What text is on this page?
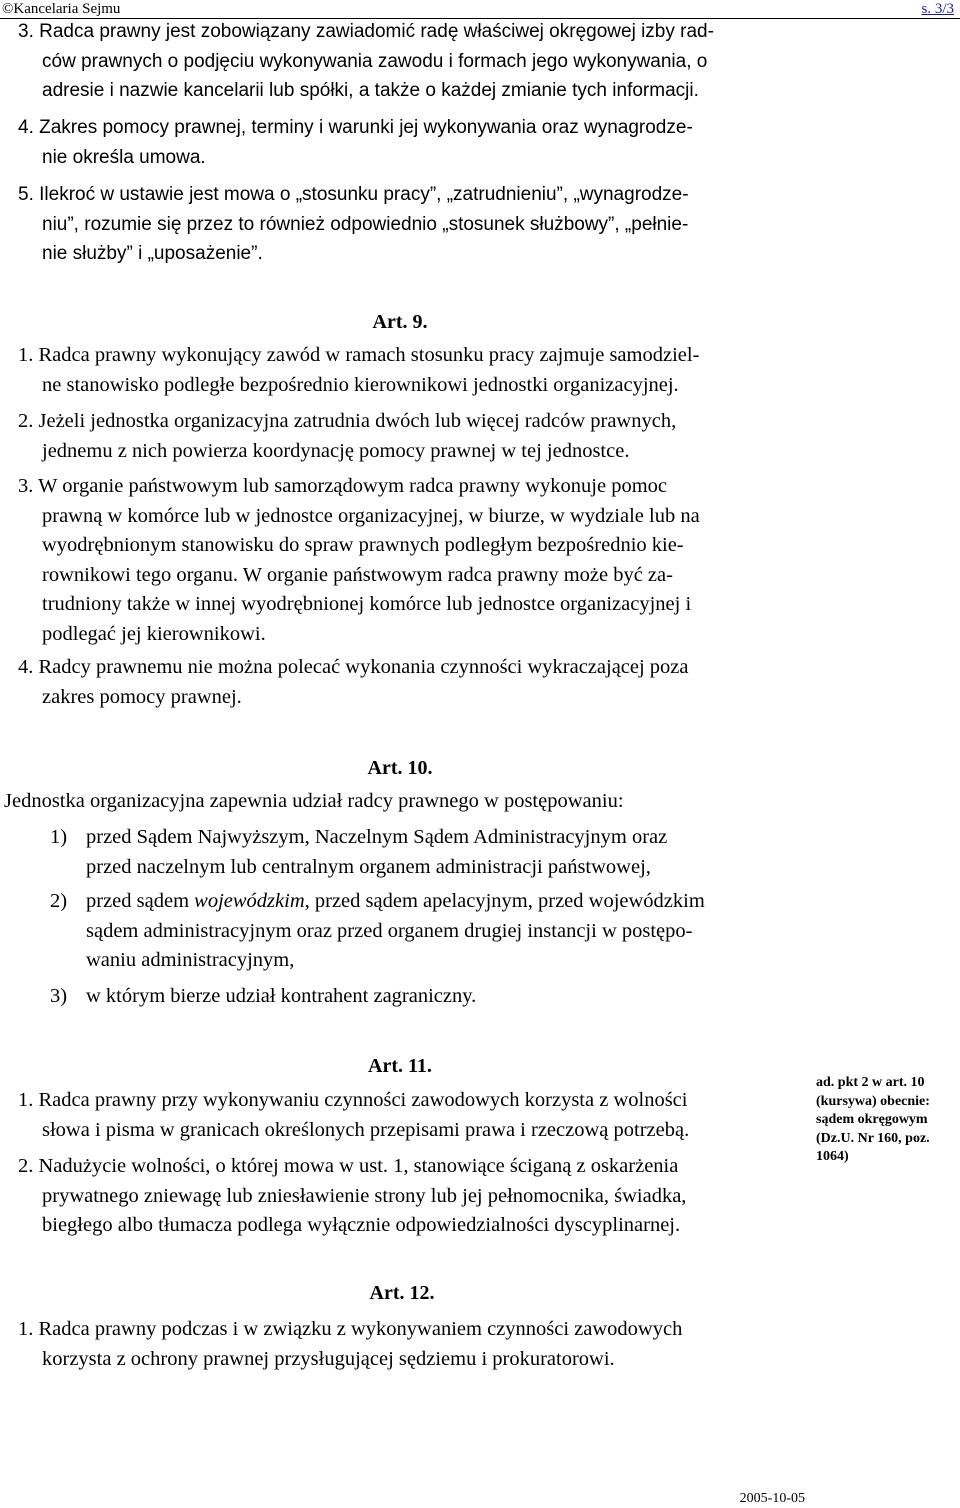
©Kancelaria Sejmu	s. 3/3
3. Radca prawny jest zobowiązany zawiadomić radę właściwej okręgowej izby rad-
ców prawnych o podjęciu wykonywania zawodu i formach jego wykonywania, o
adresie i nazwie kancelarii lub spółki, a także o każdej zmianie tych informacji.
4. Zakres pomocy prawnej, terminy i warunki jej wykonywania oraz wynagrodze-
nie określa umowa.
5. Ilekroć w ustawie jest mowa o „stosunku pracy”, „zatrudnieniu”, „wynagrodze-
niu”, rozumie się przez to również odpowiednio „stosunek służbowy”, „pełnie-
nie służby” i „uposażenie”.
Art. 9.
1. Radca prawny wykonujący zawód w ramach stosunku pracy zajmuje samodziel-
ne stanowisko podległe bezpośrednio kierownikowi jednostki organizacyjnej.
2. Jeżeli jednostka organizacyjna zatrudnia dwóch lub więcej radców prawnych,
jednemu z nich powierza koordynację pomocy prawnej w tej jednostce.
3. W organie państwowym lub samorządowym radca prawny wykonuje pomoc
prawną w komórce lub w jednostce organizacyjnej, w biurze, w wydziale lub na
wyodrębnionym stanowisku do spraw prawnych podległym bezpośrednio kie-
rownikowi tego organu. W organie państwowym radca prawny może być za-
trudniony także w innej wyodrębnionej komórce lub jednostce organizacyjnej i
podlegać jej kierownikowi.
4. Radcy prawnemu nie można polecać wykonania czynności wykraczającej poza
zakres pomocy prawnej.
Art. 10.
Jednostka organizacyjna zapewnia udział radcy prawnego w postępowaniu:
1) przed Sądem Najwyższym, Naczelnym Sądem Administracyjnym oraz
przed naczelnym lub centralnym organem administracji państwowej,
2) przed sądem wojewódzkim, przed sądem apelacyjnym, przed wojewódzkim
sądem administracyjnym oraz przed organem drugiej instancji w postępo-
waniu administracyjnym,
3) w którym bierze udział kontrahent zagraniczny.
Art. 11.
1. Radca prawny przy wykonywaniu czynności zawodowych korzysta z wolności
słowa i pisma w granicach określonych przepisami prawa i rzeczową potrzebą.
2. Nadużycie wolności, o której mowa w ust. 1, stanowiące ściganą z oskarżenia
prywatnego zniewagę lub zniesławienie strony lub jej pełnomocnika, świadka,
biegłego albo tłumacza podlega wyłącznie odpowiedzialności dyscyplinarnej.
ad. pkt 2 w art. 10
(kursywa) obecnie:
sądem okręgowym
(Dz.U. Nr 160, poz.
1064)
Art. 12.
1. Radca prawny podczas i w związku z wykonywaniem czynności zawodowych
korzysta z ochrony prawnej przysługującej sędziemu i prokuratorowi.
2005-10-05
